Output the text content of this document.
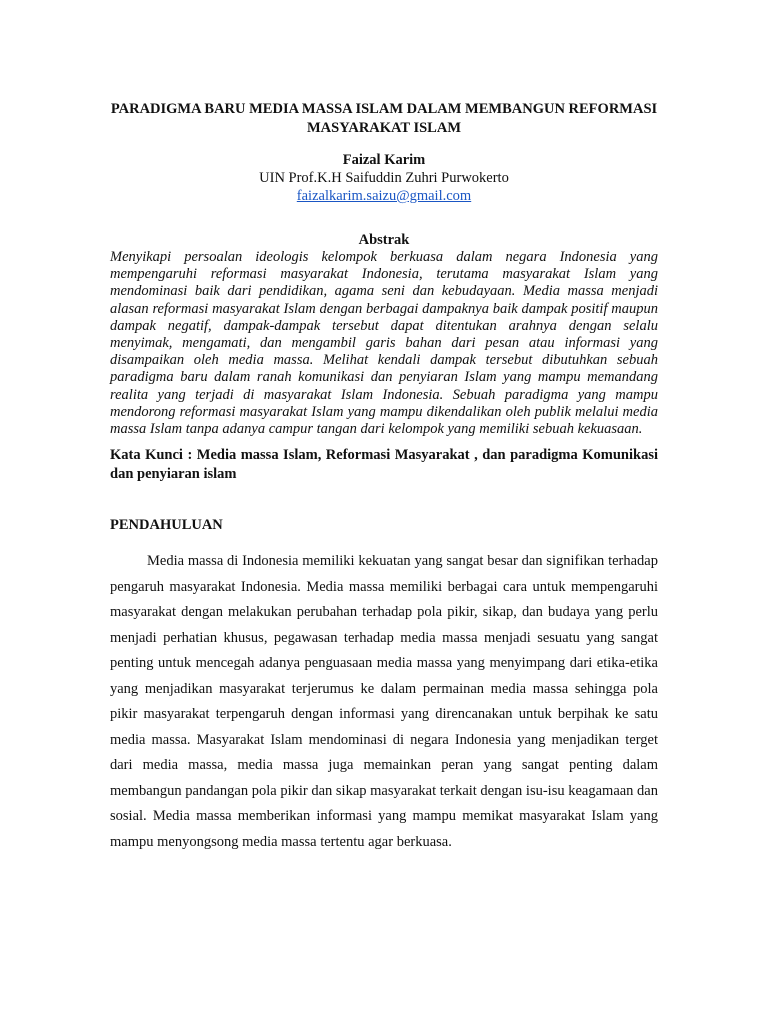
PARADIGMA BARU MEDIA MASSA ISLAM DALAM MEMBANGUN REFORMASI MASYARAKAT ISLAM
Faizal Karim
UIN Prof.K.H Saifuddin Zuhri Purwokerto
faizalkarim.saizu@gmail.com
Abstrak

Menyikapi persoalan ideologis kelompok berkuasa dalam negara Indonesia yang mempengaruhi reformasi masyarakat Indonesia, terutama masyarakat Islam yang mendominasi baik dari pendidikan, agama seni dan kebudayaan. Media massa menjadi alasan reformasi masyarakat Islam dengan berbagai dampaknya baik dampak positif maupun dampak negatif, dampak-dampak tersebut dapat ditentukan arahnya dengan selalu menyimak, mengamati, dan mengambil garis bahan dari pesan atau informasi yang disampaikan oleh media massa. Melihat kendali dampak tersebut dibutuhkan sebuah paradigma baru dalam ranah komunikasi dan penyiaran Islam yang mampu memandang realita yang terjadi di masyarakat Islam Indonesia. Sebuah paradigma yang mampu mendorong reformasi masyarakat Islam yang mampu dikendalikan oleh publik melalui media massa Islam tanpa adanya campur tangan dari kelompok yang memiliki sebuah kekuasaan.

Kata Kunci : Media massa Islam, Reformasi Masyarakat , dan paradigma Komunikasi dan penyiaran islam
PENDAHULUAN

Media massa di Indonesia memiliki kekuatan yang sangat besar dan signifikan terhadap pengaruh masyarakat Indonesia. Media massa memiliki berbagai cara untuk mempengaruhi masyarakat dengan melakukan perubahan terhadap pola pikir, sikap, dan budaya yang perlu menjadi perhatian khusus, pegawasan terhadap media massa menjadi sesuatu yang sangat penting untuk mencegah adanya penguasaan media massa yang menyimpang dari etika-etika yang menjadikan masyarakat terjerumus ke dalam permainan media massa sehingga pola pikir masyarakat terpengaruh dengan informasi yang direncanakan untuk berpihak ke satu media massa. Masyarakat Islam mendominasi di negara Indonesia yang menjadikan terget dari media massa, media massa juga memainkan peran yang sangat penting dalam membangun pandangan pola pikir dan sikap masyarakat terkait dengan isu-isu keagamaan dan sosial. Media massa memberikan informasi yang mampu memikat masyarakat Islam yang mampu menyongsong media massa tertentu agar berkuasa.
